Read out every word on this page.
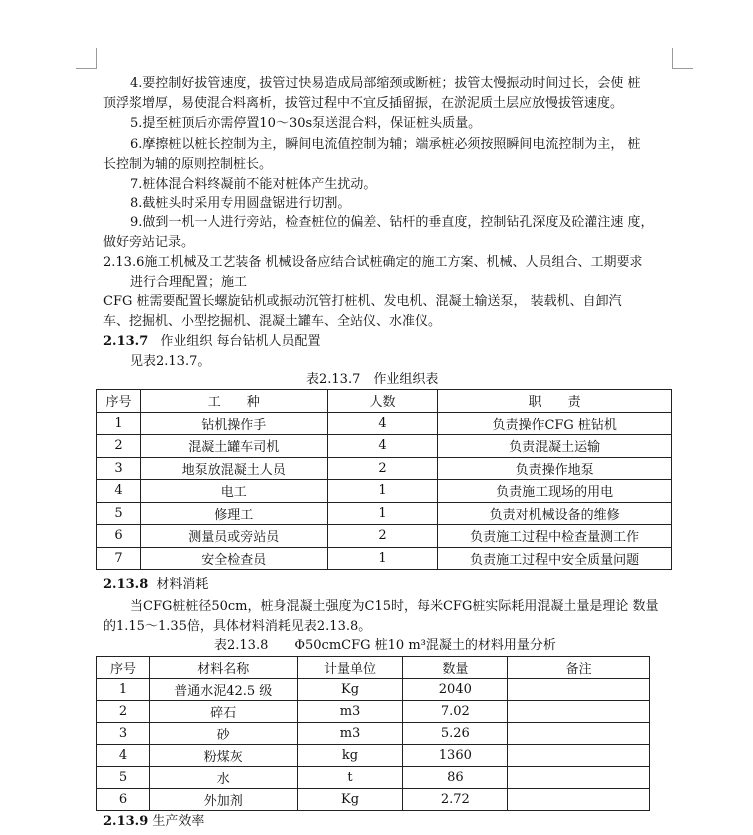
4.要控制好拔管速度，拔管过快易造成局部缩颈或断桩；拔管太慢振动时间过长，会使 桩
顶浮浆增厚，易使混合料离析，拔管过程中不宜反插留振，在淤泥质土层应放慢拔管速度。
5.提至桩顶后亦需停置10～30s泵送混合料，保证桩头质量。
6.摩擦桩以桩长控制为主，瞬间电流值控制为辅；端承桩必须按照瞬间电流控制为主， 桩
长控制为辅的原则控制桩长。
7.桩体混合料终凝前不能对桩体产生扰动。
8.截桩头时采用专用圆盘锯进行切割。
9.做到一机一人进行旁站，检查桩位的偏差、钻杆的垂直度，控制钻孔深度及砼灌注速 度，
做好旁站记录。
2.13.6施工机械及工艺装备 机械设备应结合试桩确定的施工方案、机械、人员组合、工期要求
进行合理配置；施工
CFG 桩需要配置长螺旋钻机或振动沉管打桩机、发电机、混凝土输送泵， 装载机、自卸汽
车、挖掘机、小型挖掘机、混凝土罐车、全站仪、水准仪。
2.13.7 作业组织 每台钻机人员配置
见表2.13.7。
表2.13.7　作业组织表
序号	工　　种	人数	职　　责
1	钻机操作手	4	负责操作CFG 桩钻机
2	混凝土罐车司机	4	负责混凝土运输
3	地泵放混凝土人员	2	负责操作地泵
4	电工	1	负责施工现场的用电
5	修理工	1	负责对机械设备的维修
6	测量员或旁站员	2	负责施工过程中检查量测工作
7	安全检查员	1	负责施工过程中安全质量问题
2.13.8 材料消耗
当CFG桩桩径50cm，桩身混凝土强度为C15时，每米CFG桩实际耗用混凝土量是理论 数量
的1.15～1.35倍，具体材料消耗见表2.13.8。
表2.13.8　　Φ50cmCFG 桩10 m³混凝土的材料用量分析
序号	材料名称	计量单位	数量	备注
1	普通水泥42.5 级	Kg	2040	
2	碎石	m3	7.02	
3	砂	m3	5.26	
4	粉煤灰	kg	1360	
5	水	t	86	
6	外加剂	Kg	2.72	
2.13.9 生产效率
